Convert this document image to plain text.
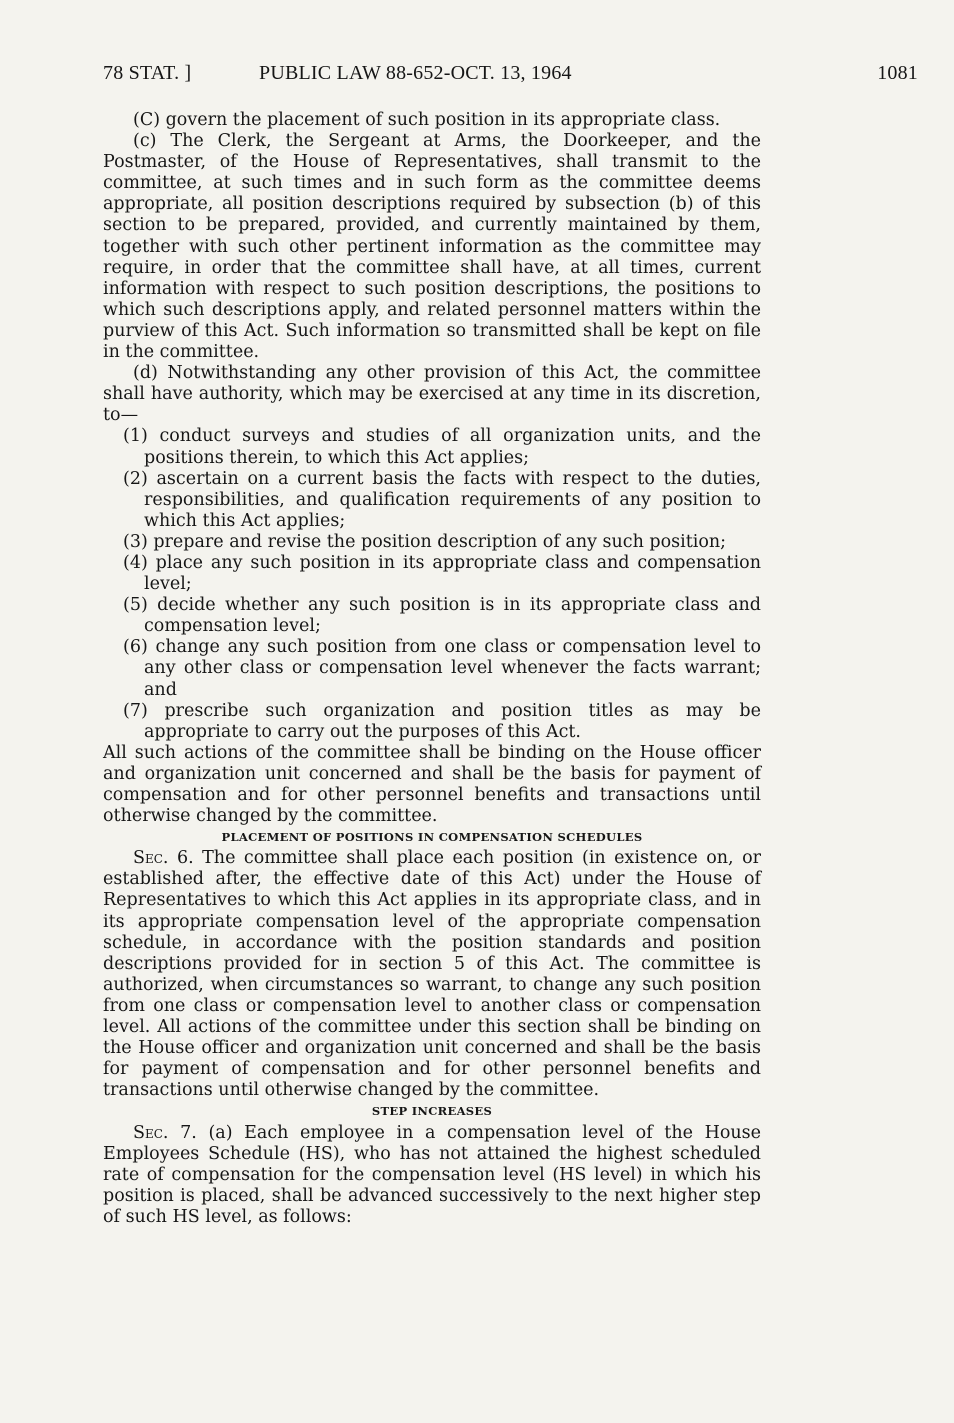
78 STAT. ]	PUBLIC LAW 88-652-OCT. 13, 1964	1081

(C) govern the placement of such position in its appropriate class.

(c) The Clerk, the Sergeant at Arms, the Doorkeeper, and the Postmaster, of the House of Representatives, shall transmit to the committee, at such times and in such form as the committee deems appropriate, all position descriptions required by subsection (b) of this section to be prepared, provided, and currently maintained by them, together with such other pertinent information as the committee may require, in order that the committee shall have, at all times, current information with respect to such position descriptions, the positions to which such descriptions apply, and related personnel matters within the purview of this Act. Such information so transmitted shall be kept on file in the committee.

(d) Notwithstanding any other provision of this Act, the committee shall have authority, which may be exercised at any time in its discretion, to—

(1) conduct surveys and studies of all organization units, and the positions therein, to which this Act applies;

(2) ascertain on a current basis the facts with respect to the duties, responsibilities, and qualification requirements of any position to which this Act applies;

(3) prepare and revise the position description of any such position;

(4) place any such position in its appropriate class and compensation level;

(5) decide whether any such position is in its appropriate class and compensation level;

(6) change any such position from one class or compensation level to any other class or compensation level whenever the facts warrant; and

(7) prescribe such organization and position titles as may be appropriate to carry out the purposes of this Act.

All such actions of the committee shall be binding on the House officer and organization unit concerned and shall be the basis for payment of compensation and for other personnel benefits and transactions until otherwise changed by the committee.

PLACEMENT OF POSITIONS IN COMPENSATION SCHEDULES

Sec. 6. The committee shall place each position (in existence on, or established after, the effective date of this Act) under the House of Representatives to which this Act applies in its appropriate class, and in its appropriate compensation level of the appropriate compensation schedule, in accordance with the position standards and position descriptions provided for in section 5 of this Act. The committee is authorized, when circumstances so warrant, to change any such position from one class or compensation level to another class or compensation level. All actions of the committee under this section shall be binding on the House officer and organization unit concerned and shall be the basis for payment of compensation and for other personnel benefits and transactions until otherwise changed by the committee.

STEP INCREASES

Sec. 7. (a) Each employee in a compensation level of the House Employees Schedule (HS), who has not attained the highest scheduled rate of compensation for the compensation level (HS level) in which his position is placed, shall be advanced successively to the next higher step of such HS level, as follows:
